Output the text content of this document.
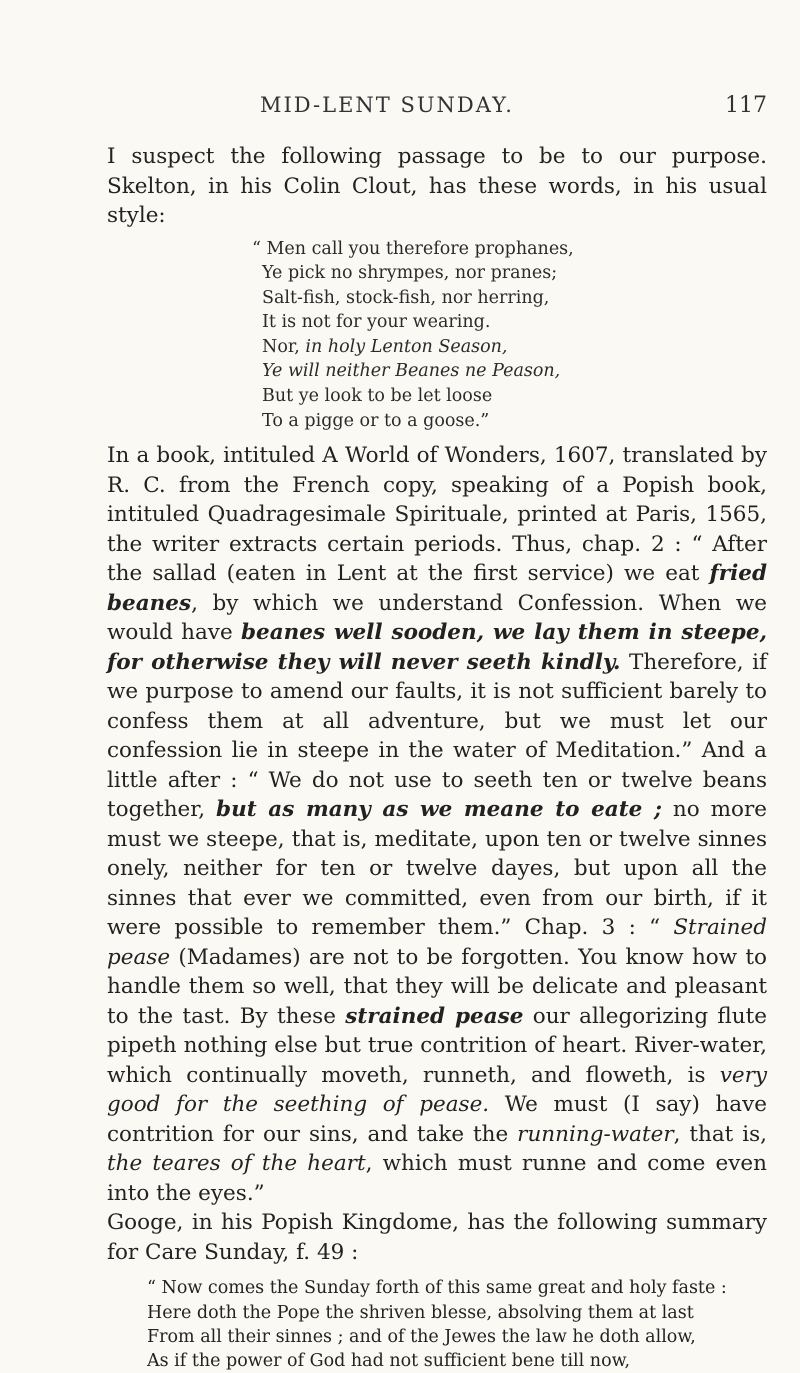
MID-LENT SUNDAY.	117

I suspect the following passage to be to our purpose. Skelton, in his Colin Clout, has these words, in his usual style:

“ Men call you therefore prophanes,
Ye pick no shrympes, nor pranes;
Salt-fish, stock-fish, nor herring,
It is not for your wearing.
Nor, in holy Lenton Season,
Ye will neither Beanes ne Peason,
But ye look to be let loose
To a pigge or to a goose.”

In a book, intituled A World of Wonders, 1607, translated by R. C. from the French copy, speaking of a Popish book, intituled Quadragesimale Spirituale, printed at Paris, 1565, the writer extracts certain periods. Thus, chap. 2 : “ After the sallad (eaten in Lent at the first service) we eat fried beanes, by which we understand Confession. When we would have beanes well sooden, we lay them in steepe, for otherwise they will never seeth kindly. Therefore, if we purpose to amend our faults, it is not sufficient barely to confess them at all adventure, but we must let our confession lie in steepe in the water of Meditation.” And a little after : “ We do not use to seeth ten or twelve beans together, but as many as we meane to eate ; no more must we steepe, that is, meditate, upon ten or twelve sinnes onely, neither for ten or twelve dayes, but upon all the sinnes that ever we committed, even from our birth, if it were possible to remember them.” Chap. 3 : “ Strained pease (Madames) are not to be forgotten. You know how to handle them so well, that they will be delicate and pleasant to the tast. By these strained pease our allegorizing flute pipeth nothing else but true contrition of heart. River-water, which continually moveth, runneth, and floweth, is very good for the seething of pease. We must (I say) have contrition for our sins, and take the running-water, that is, the teares of the heart, which must runne and come even into the eyes.”

Googe, in his Popish Kingdome, has the following summary for Care Sunday, f. 49 :

“ Now comes the Sunday forth of this same great and holy faste :
Here doth the Pope the shriven blesse, absolving them at last
From all their sinnes ; and of the Jewes the law he doth allow,
As if the power of God had not sufficient bene till now,
